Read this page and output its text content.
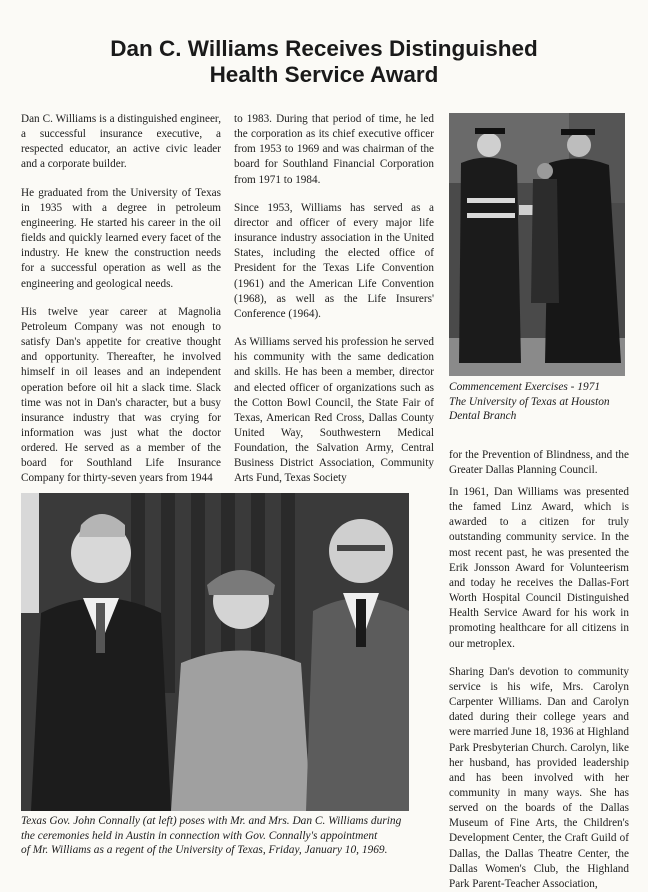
Dan C. Williams Receives Distinguished
Health Service Award

Dan C. Williams is a distinguished engineer, a successful insurance executive, a respected educator, an active civic leader and a corporate builder.

He graduated from the University of Texas in 1935 with a degree in petroleum engineering. He started his career in the oil fields and quickly learned every facet of the industry. He knew the construction needs for a successful operation as well as the engineering and geological needs.

His twelve year career at Magnolia Petroleum Company was not enough to satisfy Dan's appetite for creative thought and opportunity. Thereafter, he involved himself in oil leases and an independent operation before oil hit a slack time. Slack time was not in Dan's character, but a busy insurance industry that was crying for information was just what the doctor ordered. He served as a member of the board for Southland Life Insurance Company for thirty-seven years from 1944

to 1983. During that period of time, he led the corporation as its chief executive officer from 1953 to 1969 and was chairman of the board for Southland Financial Corporation from 1971 to 1984.

Since 1953, Williams has served as a director and officer of every major life insurance industry association in the United States, including the elected office of President for the Texas Life Convention (1961) and the American Life Convention (1968), as well as the Life Insurers' Conference (1964).

As Williams served his profession he served his community with the same dedication and skills. He has been a member, director and elected officer of organizations such as the Cotton Bowl Council, the State Fair of Texas, American Red Cross, Dallas County United Way, Southwestern Medical Foundation, the Salvation Army, Central Business District Association, Community Arts Fund, Texas Society

Commencement Exercises - 1971
The University of Texas at Houston
Dental Branch

for the Prevention of Blindness, and the Greater Dallas Planning Council.

Texas Gov. John Connally (at left) poses with Mr. and Mrs. Dan C. Williams during
the ceremonies held in Austin in connection with Gov. Connally's appointment
of Mr. Williams as a regent of the University of Texas, Friday, January 10, 1969.

In 1961, Dan Williams was presented the famed Linz Award, which is awarded to a citizen for truly outstanding community service. In the most recent past, he was presented the Erik Jonsson Award for Volunteerism and today he receives the Dallas-Fort Worth Hospital Council Distinguished Health Service Award for his work in promoting healthcare for all citizens in our metroplex.

Sharing Dan's devotion to community service is his wife, Mrs. Carolyn Carpenter Williams. Dan and Carolyn dated during their college years and were married June 18, 1936 at Highland Park Presbyterian Church. Carolyn, like her husband, has provided leadership and has been involved with her community in many ways. She has served on the boards of the Dallas Museum of Fine Arts, the Children's Development Center, the Craft Guild of Dallas, the Dallas Theatre Center, the Dallas Women's Club, the Highland Park Parent-Teacher Association,
